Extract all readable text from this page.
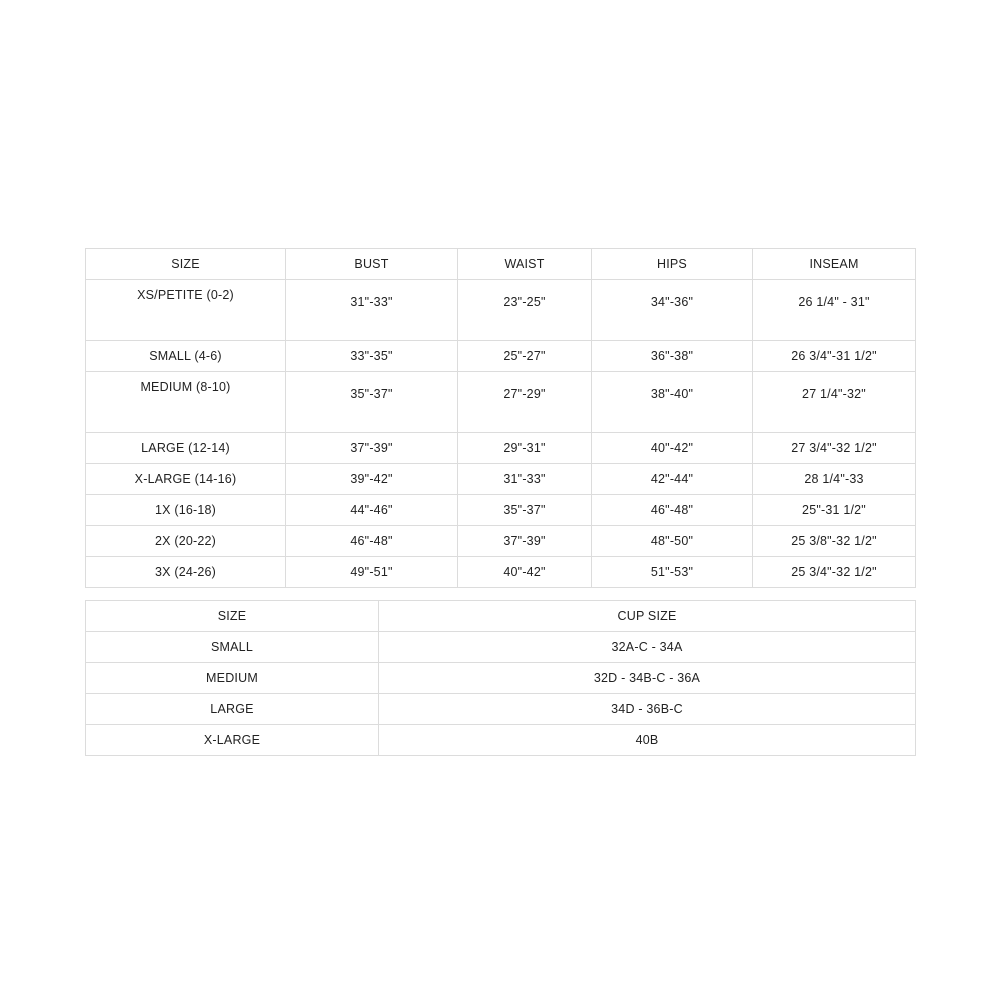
SIZE	BUST	WAIST	HIPS	INSEAM
XS/PETITE (0-2)	31"-33"	23"-25"	34"-36"	26 1/4" - 31"
SMALL (4-6)	33"-35"	25"-27"	36"-38"	26 3/4"-31 1/2"
MEDIUM (8-10)	35"-37"	27"-29"	38"-40"	27 1/4"-32"
LARGE (12-14)	37"-39"	29"-31"	40"-42"	27 3/4"-32 1/2"
X-LARGE (14-16)	39"-42"	31"-33"	42"-44"	28 1/4"-33
1X (16-18)	44"-46"	35"-37"	46"-48"	25"-31 1/2"
2X (20-22)	46"-48"	37"-39"	48"-50"	25 3/8"-32 1/2"
3X (24-26)	49"-51"	40"-42"	51"-53"	25 3/4"-32 1/2"
SIZE	CUP SIZE
SMALL	32A-C - 34A
MEDIUM	32D - 34B-C - 36A
LARGE	34D - 36B-C
X-LARGE	40B
